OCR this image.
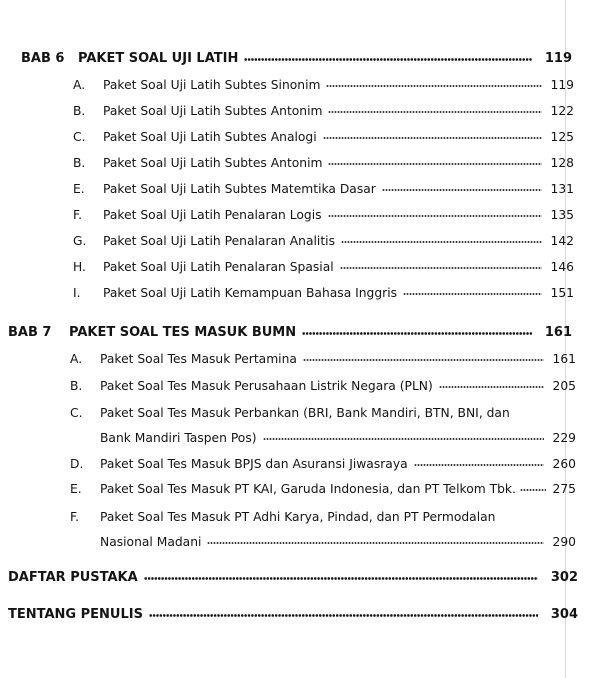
BAB 6	PAKET SOAL UJI LATIH	119
A.	Paket Soal Uji Latih Subtes Sinonim	119
B.	Paket Soal Uji Latih Subtes Antonim	122
C.	Paket Soal Uji Latih Subtes Analogi	125
B.	Paket Soal Uji Latih Subtes Antonim	128
E.	Paket Soal Uji Latih Subtes Matemtika Dasar	131
F.	Paket Soal Uji Latih Penalaran Logis	135
G.	Paket Soal Uji Latih Penalaran Analitis	142
H.	Paket Soal Uji Latih Penalaran Spasial	146
I.	Paket Soal Uji Latih Kemampuan Bahasa Inggris	151
BAB 7	PAKET SOAL TES MASUK BUMN	161
A.	Paket Soal Tes Masuk Pertamina	161
B.	Paket Soal Tes Masuk Perusahaan Listrik Negara (PLN)	205
C.	Paket Soal Tes Masuk Perbankan (BRI, Bank Mandiri, BTN, BNI, dan
Bank Mandiri Taspen Pos)	229
D.	Paket Soal Tes Masuk BPJS dan Asuransi Jiwasraya	260
E.	Paket Soal Tes Masuk PT KAI, Garuda Indonesia, dan PT Telkom Tbk.	275
F.	Paket Soal Tes Masuk PT Adhi Karya, Pindad, dan PT Permodalan
Nasional Madani	290
DAFTAR PUSTAKA	302
TENTANG PENULIS	304
